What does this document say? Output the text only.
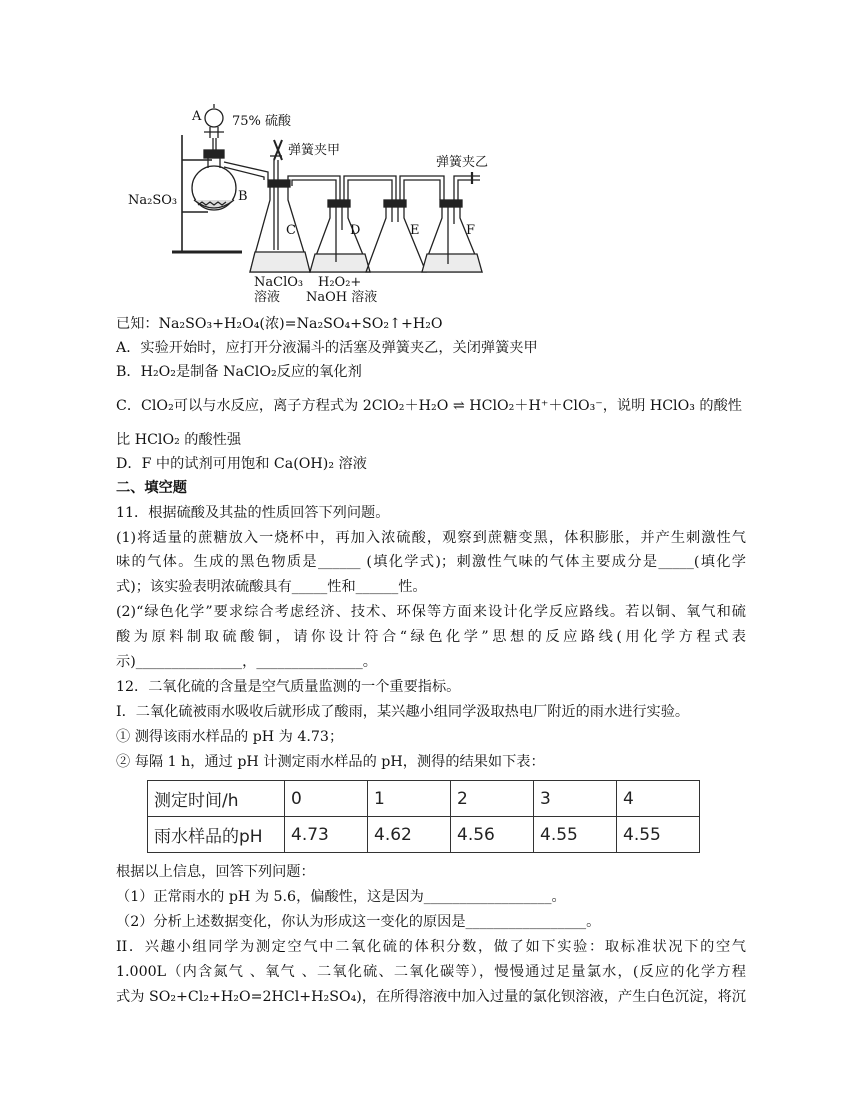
A 75% 硫酸
弹簧夹甲
弹簧夹乙
Na₂SO₃	B
C	D	E	F
NaClO₃
溶液
H₂O₂+
NaOH 溶液
已知：Na₂SO₃+H₂O₄(浓)=Na₂SO₄+SO₂↑+H₂O
A．实验开始时，应打开分液漏斗的活塞及弹簧夹乙，关闭弹簧夹甲
B．H₂O₂是制备 NaClO₂反应的氧化剂
C．ClO₂可以与水反应，离子方程式为 2ClO₂＋H₂O ⇌ HClO₂＋H⁺＋ClO₃⁻，说明 HClO₃ 的酸性
比 HClO₂ 的酸性强
D．F 中的试剂可用饱和 Ca(OH)₂ 溶液
二、填空题
11．根据硫酸及其盐的性质回答下列问题。
(1)将适量的蔗糖放入一烧杯中，再加入浓硫酸，观察到蔗糖变黑，体积膨胀，并产生刺激性气
味的气体。生成的黑色物质是______ (填化学式)；刺激性气味的气体主要成分是_____(填化学
式)；该实验表明浓硫酸具有_____性和______性。
(2)“绿色化学”要求综合考虑经济、技术、环保等方面来设计化学反应路线。若以铜、氧气和硫
酸为原料制取硫酸铜，请你设计符合“绿色化学”思想的反应路线(用化学方程式表
示)_______________，_______________。
12．二氧化硫的含量是空气质量监测的一个重要指标。
I．二氧化硫被雨水吸收后就形成了酸雨，某兴趣小组同学汲取热电厂附近的雨水进行实验。
① 测得该雨水样品的 pH 为 4.73；
② 每隔 1 h，通过 pH 计测定雨水样品的 pH，测得的结果如下表：
测定时间/h	0	1	2	3	4
雨水样品的pH	4.73	4.62	4.56	4.55	4.55
根据以上信息，回答下列问题：
（1）正常雨水的 pH 为 5.6，偏酸性，这是因为__________________。
（2）分析上述数据变化，你认为形成这一变化的原因是_________________。
II．兴趣小组同学为测定空气中二氧化硫的体积分数，做了如下实验：取标准状况下的空气
1.000L（内含氮气 、氧气 、二氧化硫、二氧化碳等），慢慢通过足量氯水，(反应的化学方程
式为 SO₂+Cl₂+H₂O=2HCl+H₂SO₄)，在所得溶液中加入过量的氯化钡溶液，产生白色沉淀，将沉
